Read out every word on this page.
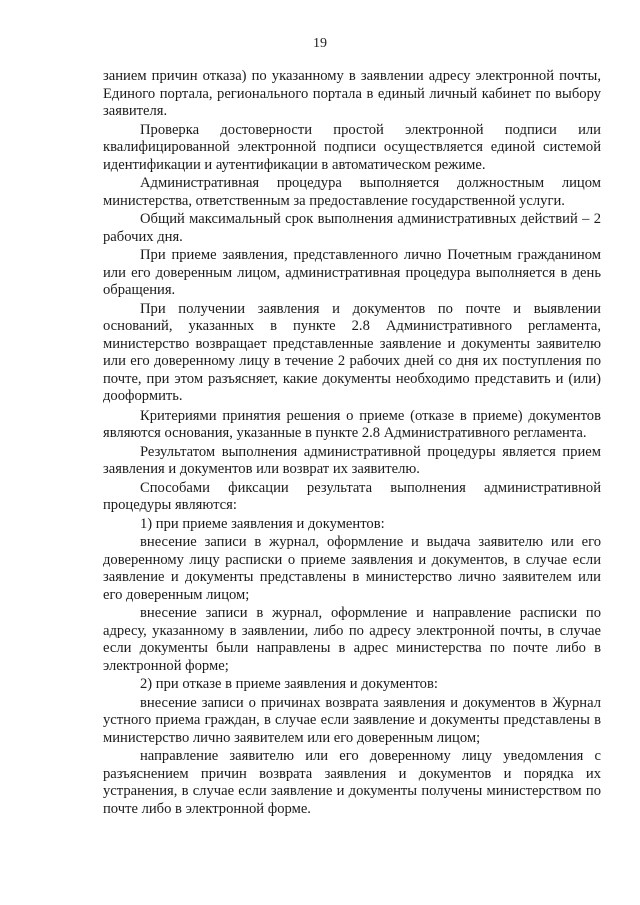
19

занием причин отказа) по указанному в заявлении адресу электронной почты, Единого портала, регионального портала в единый личный кабинет по выбору заявителя.

Проверка достоверности простой электронной подписи или квалифицированной электронной подписи осуществляется единой системой идентификации и аутентификации в автоматическом режиме.

Административная процедура выполняется должностным лицом министерства, ответственным за предоставление государственной услуги.

Общий максимальный срок выполнения административных действий – 2 рабочих дня.

При приеме заявления, представленного лично Почетным гражданином или его доверенным лицом, административная процедура выполняется в день обращения.

При получении заявления и документов по почте и выявлении оснований, указанных в пункте 2.8 Административного регламента, министерство возвращает представленные заявление и документы заявителю или его доверенному лицу в течение 2 рабочих дней со дня их поступления по почте, при этом разъясняет, какие документы необходимо представить и (или) дооформить.

Критериями принятия решения о приеме (отказе в приеме) документов являются основания, указанные в пункте 2.8 Административного регламента.

Результатом выполнения административной процедуры является прием заявления и документов или возврат их заявителю.

Способами фиксации результата выполнения административной процедуры являются:

1) при приеме заявления и документов:

внесение записи в журнал, оформление и выдача заявителю или его доверенному лицу расписки о приеме заявления и документов, в случае если заявление и документы представлены в министерство лично заявителем или его доверенным лицом;

внесение записи в журнал, оформление и направление расписки по адресу, указанному в заявлении, либо по адресу электронной почты, в случае если документы были направлены в адрес министерства по почте либо в электронной форме;

2) при отказе в приеме заявления и документов:

внесение записи о причинах возврата заявления и документов в Журнал устного приема граждан, в случае если заявление и документы представлены в министерство лично заявителем или его доверенным лицом;

направление заявителю или его доверенному лицу уведомления с разъяснением причин возврата заявления и документов и порядка их устранения, в случае если заявление и документы получены министерством по почте либо в электронной форме.
